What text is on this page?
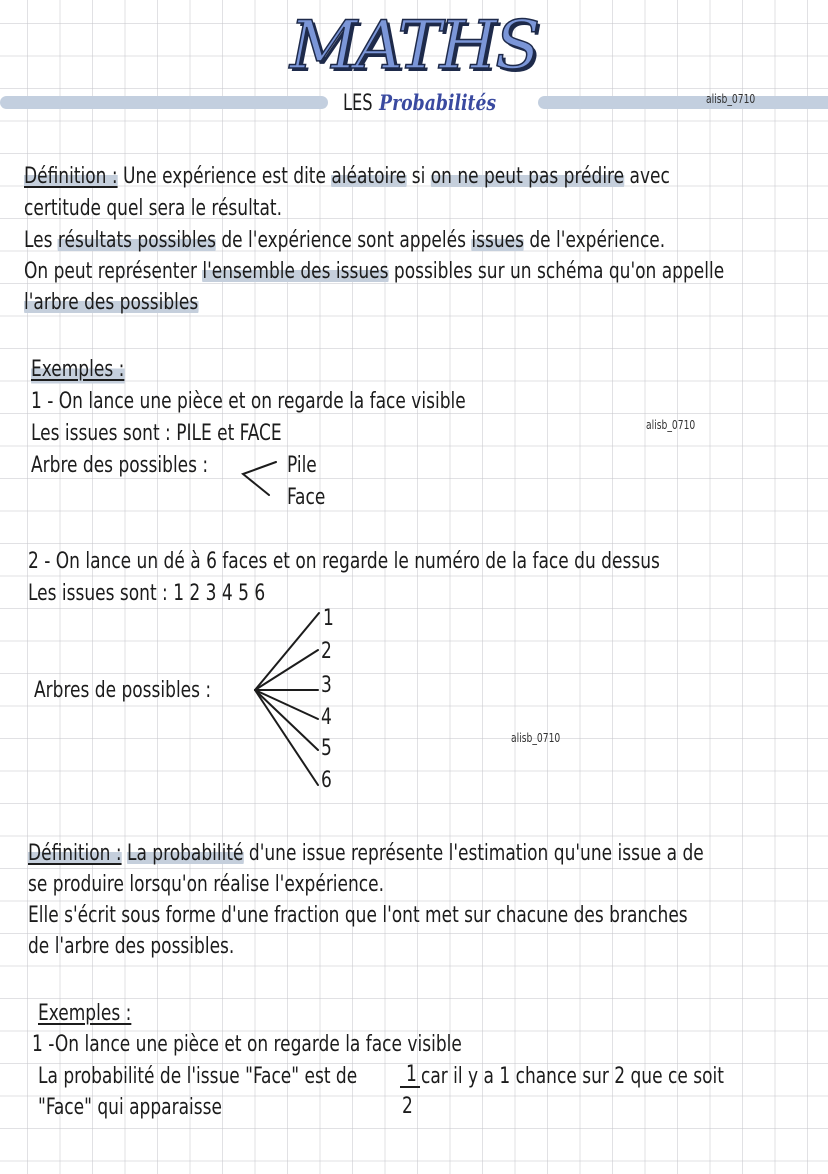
MATHS
LES Probabilités	alisb_0710
Définition : Une expérience est dite aléatoire si on ne peut pas prédire avec
certitude quel sera le résultat.
Les résultats possibles de l'expérience sont appelés issues de l'expérience.
On peut représenter l'ensemble des issues possibles sur un schéma qu'on appelle
l'arbre des possibles
Exemples :
1 - On lance une pièce et on regarde la face visible
Les issues sont : PILE et FACE	alisb_0710
Arbre des possibles :	Pile
Face
2 - On lance un dé à 6 faces et on regarde le numéro de la face du dessus
Les issues sont : 1 2 3 4 5 6
Arbres de possibles :
1
2
3
4
5
6
alisb_0710
Définition : La probabilité d'une issue représente l'estimation qu'une issue a de
se produire lorsqu'on réalise l'expérience.
Elle s'écrit sous forme d'une fraction que l'ont met sur chacune des branches
de l'arbre des possibles.
Exemples :
1 -On lance une pièce et on regarde la face visible
La probabilité de l'issue "Face" est de 1
2
car il y a 1 chance sur 2 que ce soit
"Face" qui apparaisse
